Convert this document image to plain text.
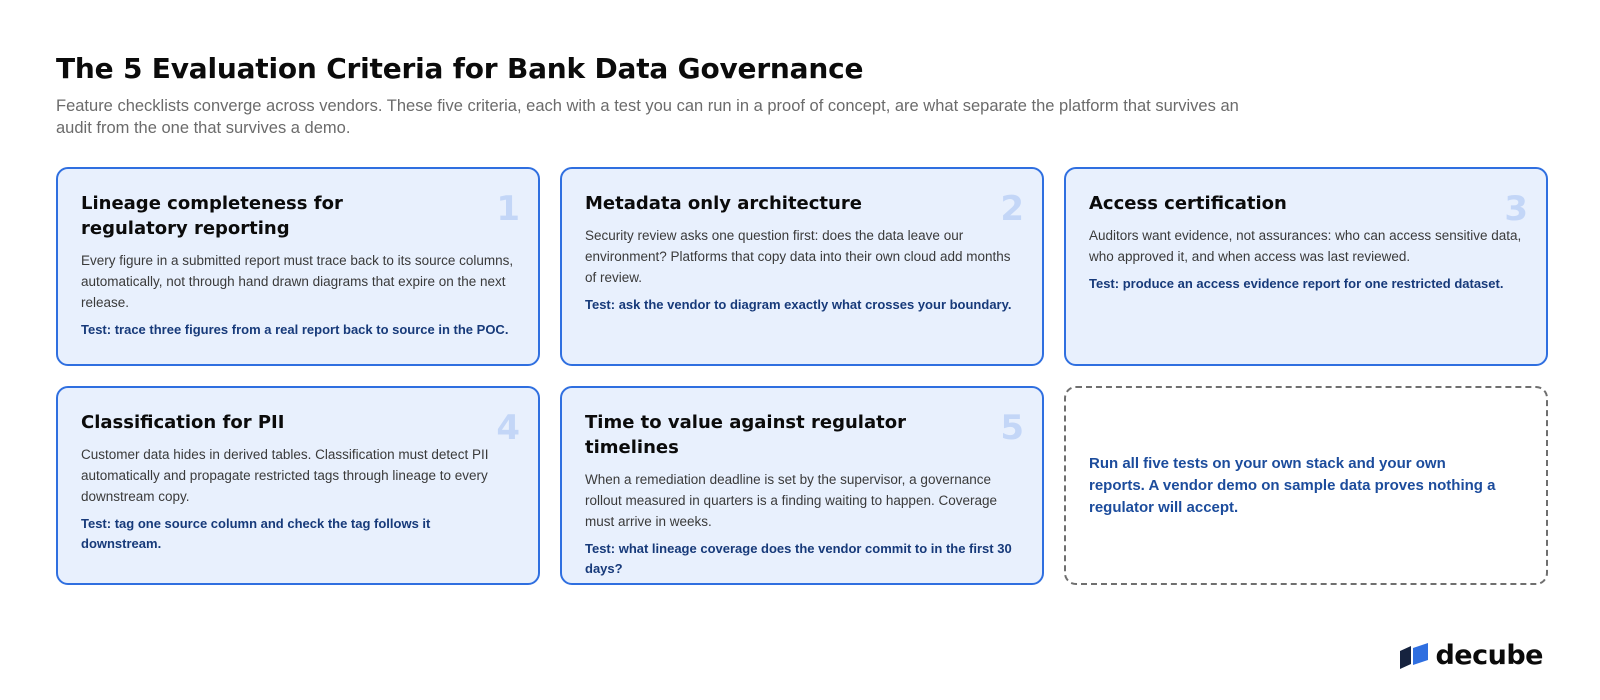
The 5 Evaluation Criteria for Bank Data Governance

Feature checklists converge across vendors. These five criteria, each with a test you can run in a proof of concept, are what separate the platform that survives an audit from the one that survives a demo.

1
Lineage completeness for regulatory reporting

Every figure in a submitted report must trace back to its source columns, automatically, not through hand drawn diagrams that expire on the next release.

Test: trace three figures from a real report back to source in the POC.

2
Metadata only architecture

Security review asks one question first: does the data leave our environment? Platforms that copy data into their own cloud add months of review.

Test: ask the vendor to diagram exactly what crosses your boundary.

3
Access certification

Auditors want evidence, not assurances: who can access sensitive data, who approved it, and when access was last reviewed.

Test: produce an access evidence report for one restricted dataset.

4
Classification for PII

Customer data hides in derived tables. Classification must detect PII automatically and propagate restricted tags through lineage to every downstream copy.

Test: tag one source column and check the tag follows it downstream.

5
Time to value against regulator timelines

When a remediation deadline is set by the supervisor, a governance rollout measured in quarters is a finding waiting to happen. Coverage must arrive in weeks.

Test: what lineage coverage does the vendor commit to in the first 30 days?

Run all five tests on your own stack and your own reports. A vendor demo on sample data proves nothing a regulator will accept.

decube
